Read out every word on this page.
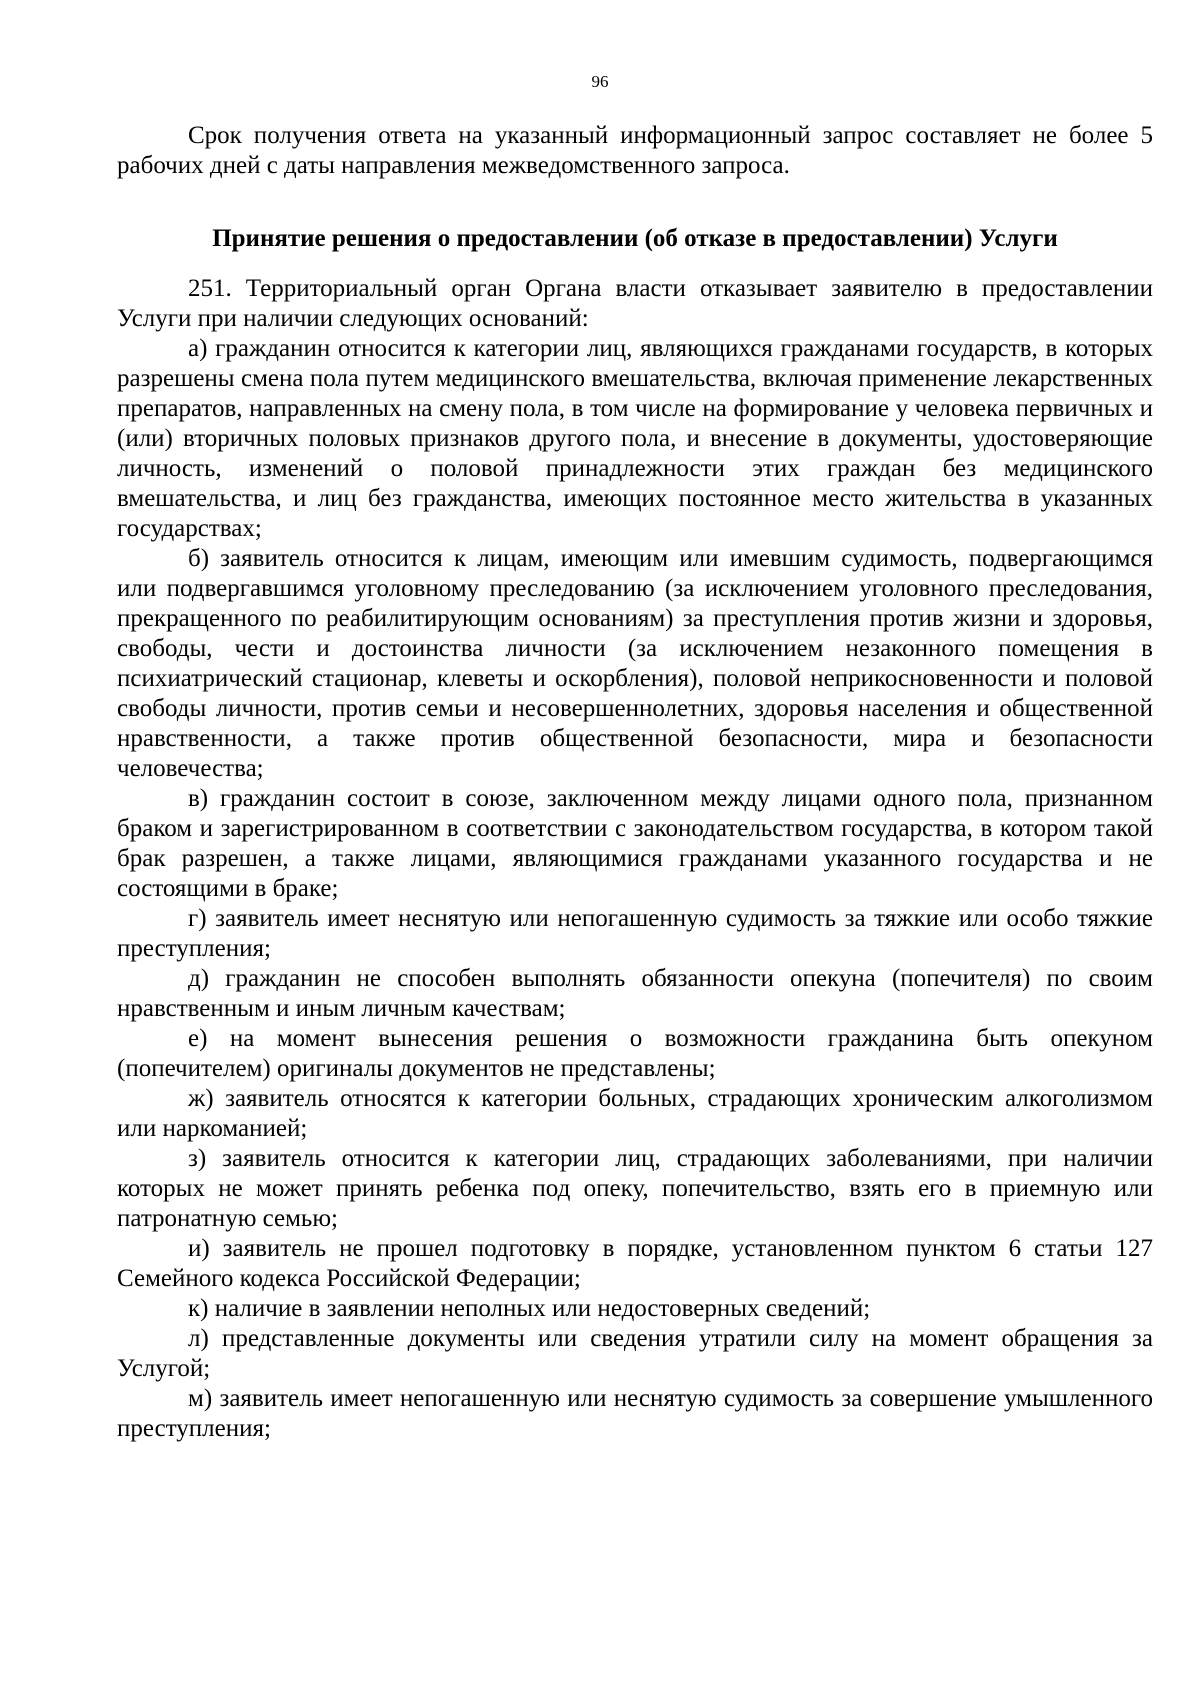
96

Срок получения ответа на указанный информационный запрос составляет не более 5 рабочих дней с даты направления межведомственного запроса.

Принятие решения о предоставлении (об отказе в предоставлении) Услуги

251. Территориальный орган Органа власти отказывает заявителю в предоставлении Услуги при наличии следующих оснований:

а) гражданин относится к категории лиц, являющихся гражданами государств, в которых разрешены смена пола путем медицинского вмешательства, включая применение лекарственных препаратов, направленных на смену пола, в том числе на формирование у человека первичных и (или) вторичных половых признаков другого пола, и внесение в документы, удостоверяющие личность, изменений о половой принадлежности этих граждан без медицинского вмешательства, и лиц без гражданства, имеющих постоянное место жительства в указанных государствах;

б) заявитель относится к лицам, имеющим или имевшим судимость, подвергающимся или подвергавшимся уголовному преследованию (за исключением уголовного преследования, прекращенного по реабилитирующим основаниям) за преступления против жизни и здоровья, свободы, чести и достоинства личности (за исключением незаконного помещения в психиатрический стационар, клеветы и оскорбления), половой неприкосновенности и половой свободы личности, против семьи и несовершеннолетних, здоровья населения и общественной нравственности, а также против общественной безопасности, мира и безопасности человечества;

в) гражданин состоит в союзе, заключенном между лицами одного пола, признанном браком и зарегистрированном в соответствии с законодательством государства, в котором такой брак разрешен, а также лицами, являющимися гражданами указанного государства и не состоящими в браке;

г) заявитель имеет неснятую или непогашенную судимость за тяжкие или особо тяжкие преступления;

д) гражданин не способен выполнять обязанности опекуна (попечителя) по своим нравственным и иным личным качествам;

е) на момент вынесения решения о возможности гражданина быть опекуном (попечителем) оригиналы документов не представлены;

ж) заявитель относятся к категории больных, страдающих хроническим алкоголизмом или наркоманией;

з) заявитель относится к категории лиц, страдающих заболеваниями, при наличии которых не может принять ребенка под опеку, попечительство, взять его в приемную или патронатную семью;

и) заявитель не прошел подготовку в порядке, установленном пунктом 6 статьи 127 Семейного кодекса Российской Федерации;

к) наличие в заявлении неполных или недостоверных сведений;

л) представленные документы или сведения утратили силу на момент обращения за Услугой;

м) заявитель имеет непогашенную или неснятую судимость за совершение умышленного преступления;
